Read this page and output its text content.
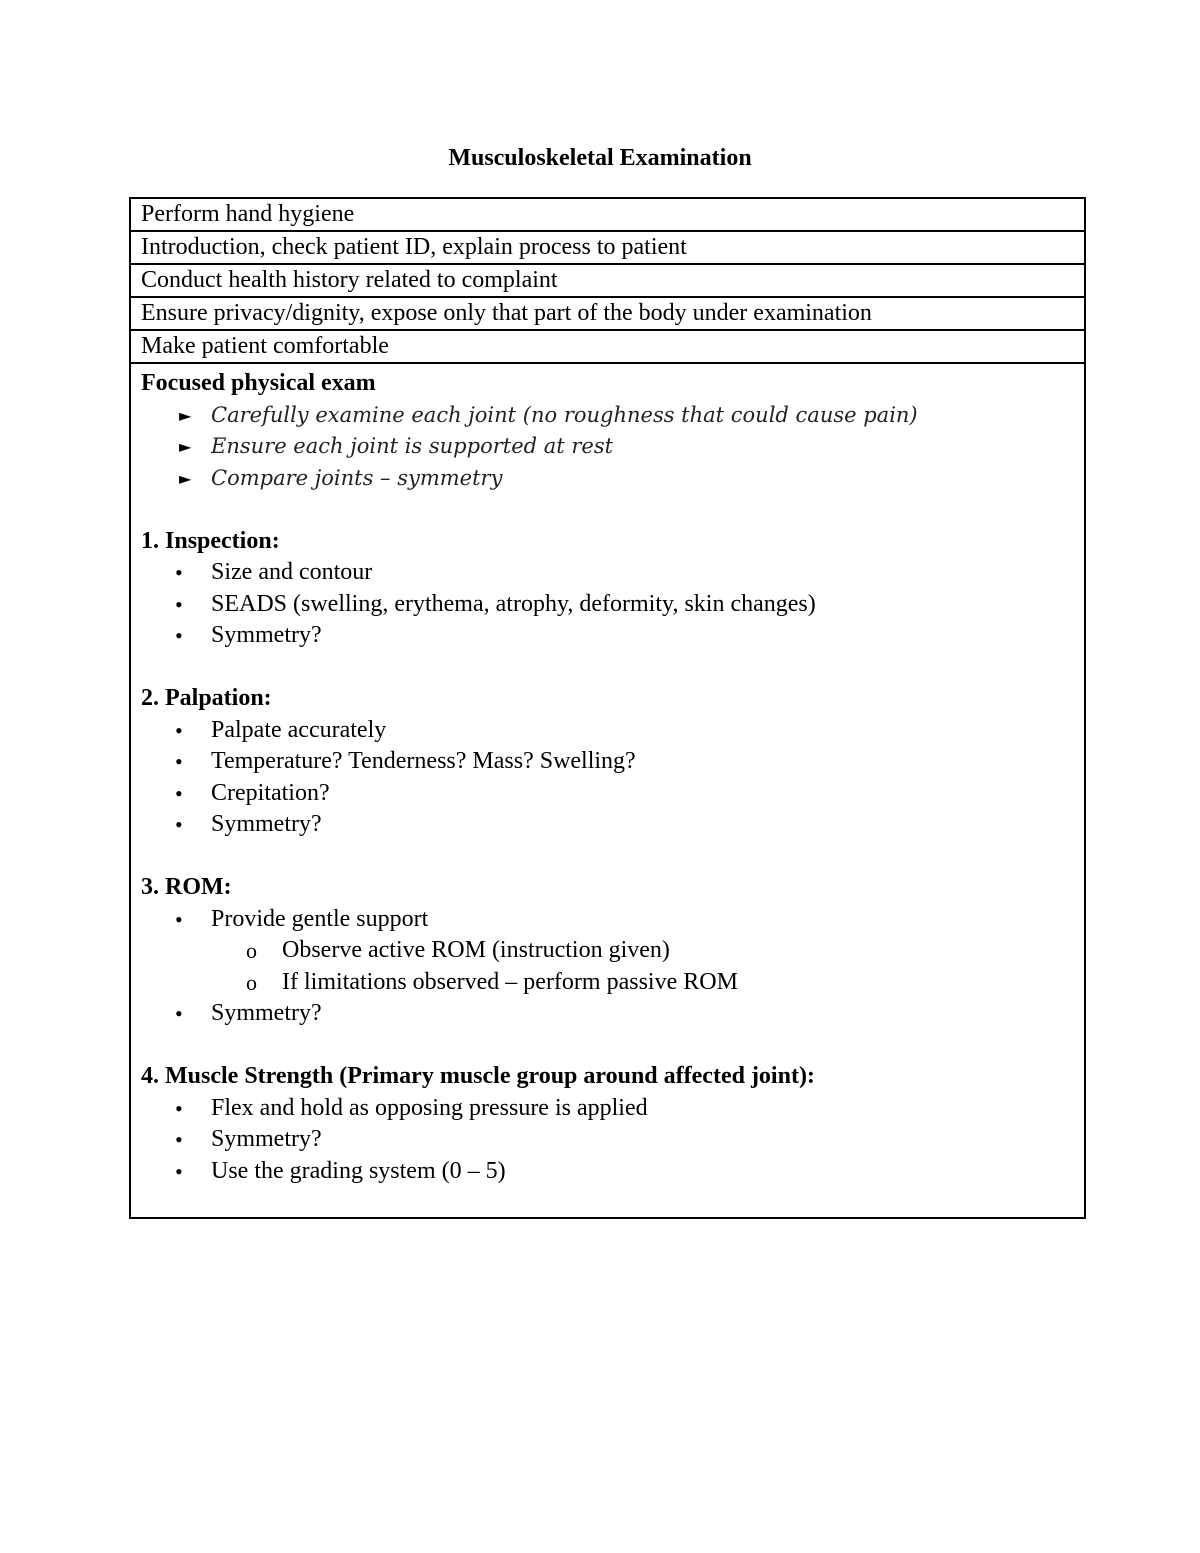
Musculoskeletal Examination
Perform hand hygiene
Introduction, check patient ID, explain process to patient
Conduct health history related to complaint
Ensure privacy/dignity, expose only that part of the body under examination
Make patient comfortable
Focused physical exam
► Carefully examine each joint (no roughness that could cause pain)
► Ensure each joint is supported at rest
► Compare joints – symmetry
1. Inspection:
• Size and contour
• SEADS (swelling, erythema, atrophy, deformity, skin changes)
• Symmetry?
2. Palpation:
• Palpate accurately
• Temperature? Tenderness? Mass? Swelling?
• Crepitation?
• Symmetry?
3. ROM:
• Provide gentle support
o Observe active ROM (instruction given)
o If limitations observed – perform passive ROM
• Symmetry?
4. Muscle Strength (Primary muscle group around affected joint):
• Flex and hold as opposing pressure is applied
• Symmetry?
• Use the grading system (0 – 5)
